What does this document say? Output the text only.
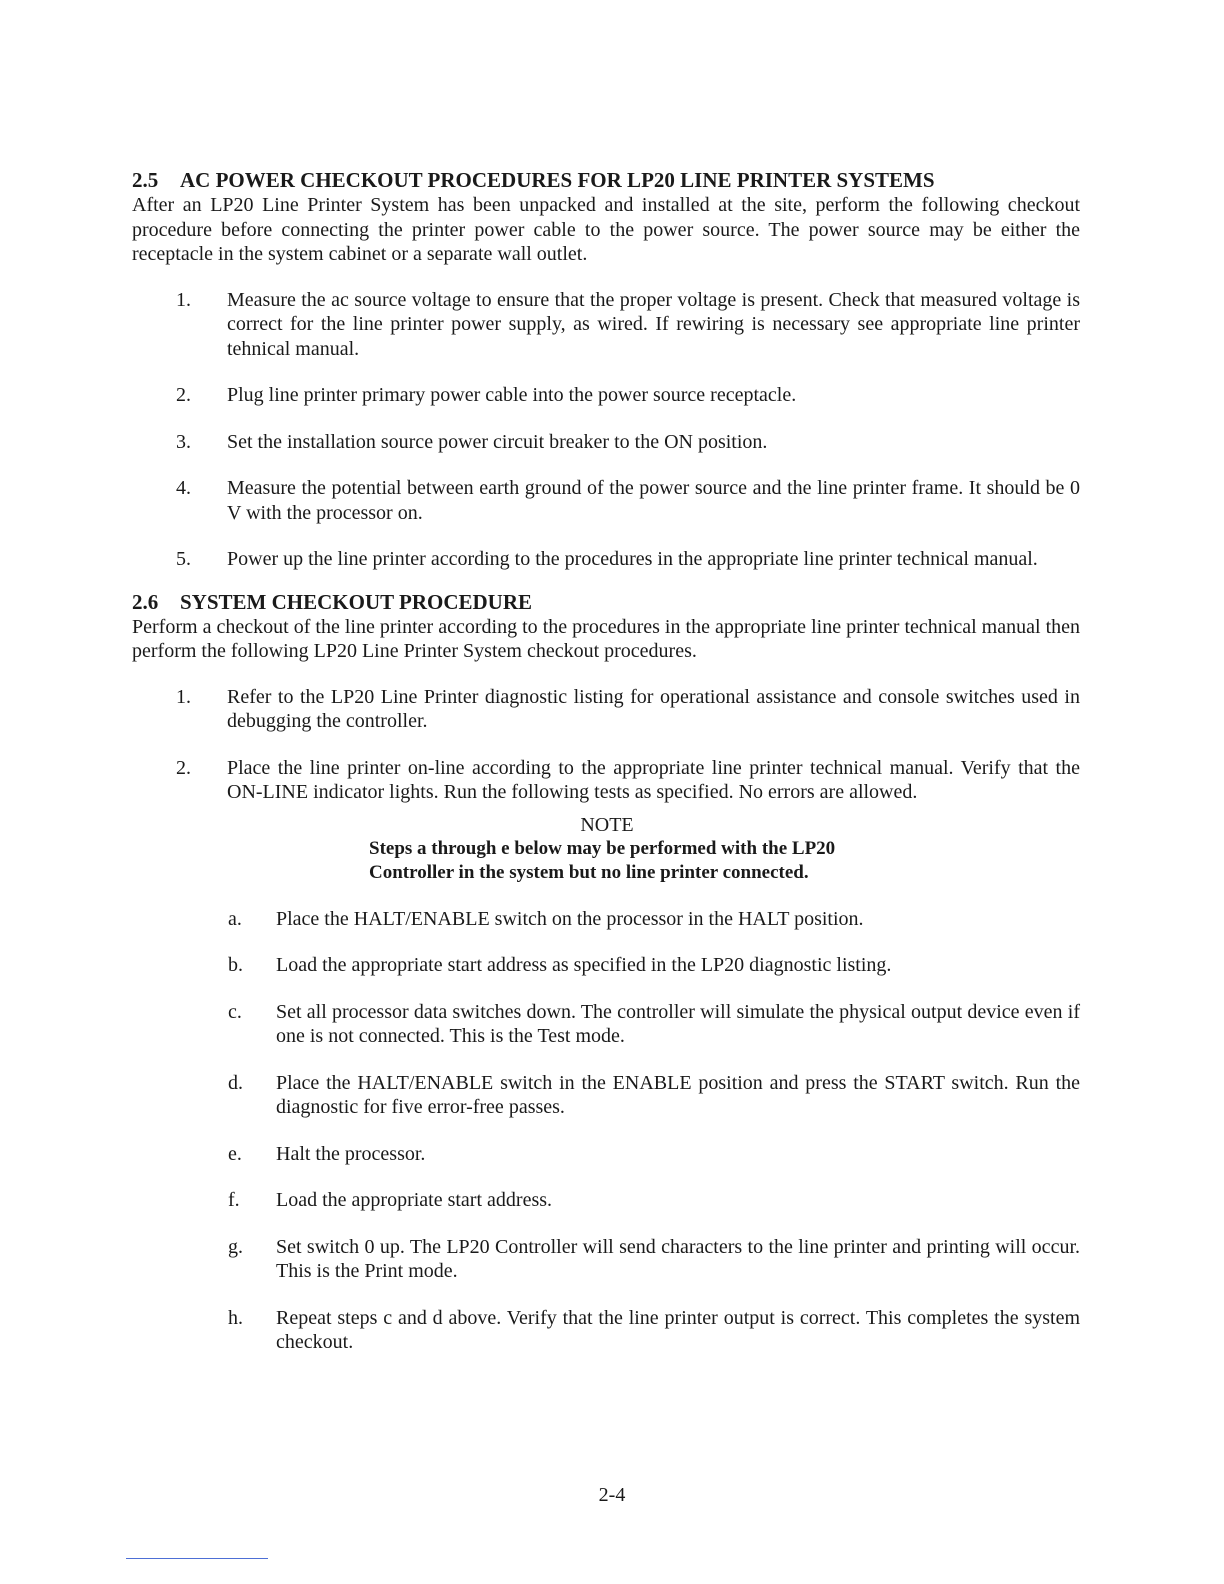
2.5 AC POWER CHECKOUT PROCEDURES FOR LP20 LINE PRINTER SYSTEMS

After an LP20 Line Printer System has been unpacked and installed at the site, perform the following checkout procedure before connecting the printer power cable to the power source. The power source may be either the receptacle in the system cabinet or a separate wall outlet.

1. Measure the ac source voltage to ensure that the proper voltage is present. Check that measured voltage is correct for the line printer power supply, as wired. If rewiring is necessary see appropriate line printer tehnical manual.
2. Plug line printer primary power cable into the power source receptacle.
3. Set the installation source power circuit breaker to the ON position.
4. Measure the potential between earth ground of the power source and the line printer frame. It should be 0 V with the processor on.
5. Power up the line printer according to the procedures in the appropriate line printer technical manual.
2.6 SYSTEM CHECKOUT PROCEDURE

Perform a checkout of the line printer according to the procedures in the appropriate line printer technical manual then perform the following LP20 Line Printer System checkout procedures.

1. Refer to the LP20 Line Printer diagnostic listing for operational assistance and console switches used in debugging the controller.
2. Place the line printer on-line according to the appropriate line printer technical manual. Verify that the ON-LINE indicator lights. Run the following tests as specified. No errors are allowed.

NOTE

Steps a through e below may be performed with the LP20 Controller in the system but no line printer connected.

a. Place the HALT/ENABLE switch on the processor in the HALT position.
b. Load the appropriate start address as specified in the LP20 diagnostic listing.
c. Set all processor data switches down. The controller will simulate the physical output device even if one is not connected. This is the Test mode.
d. Place the HALT/ENABLE switch in the ENABLE position and press the START switch. Run the diagnostic for five error-free passes.
e. Halt the processor.
f. Load the appropriate start address.
g. Set switch 0 up. The LP20 Controller will send characters to the line printer and printing will occur. This is the Print mode.
h. Repeat steps c and d above. Verify that the line printer output is correct. This completes the system checkout.
2-4
